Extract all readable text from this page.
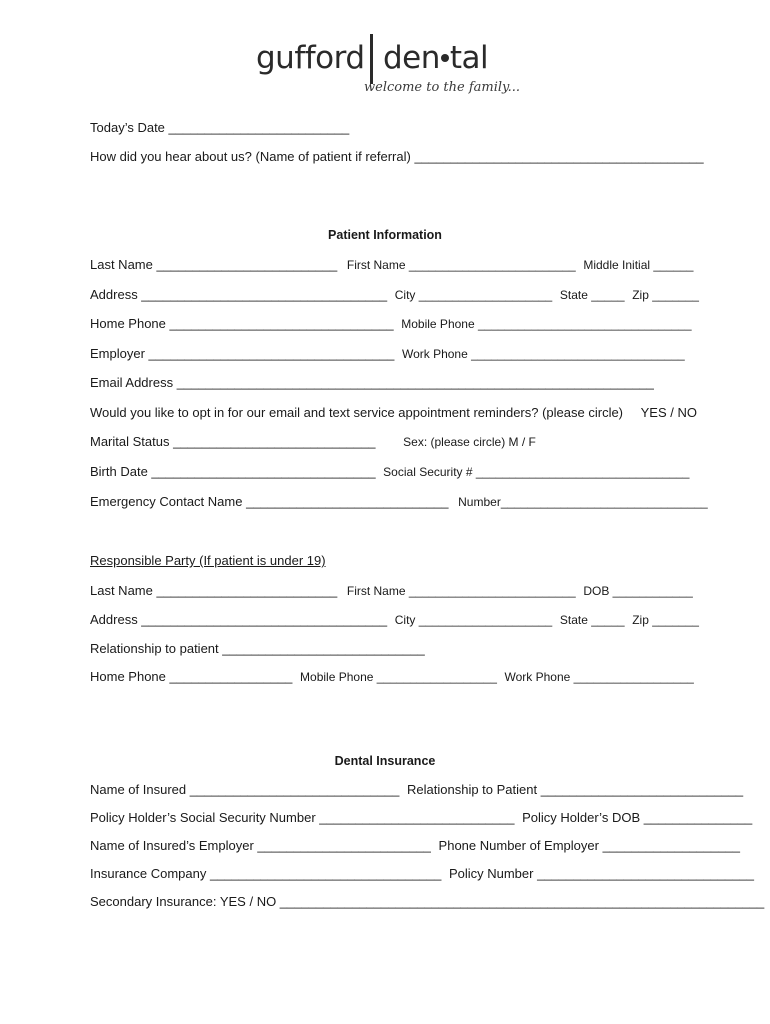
gufford den tal
welcome to the family...
Today’s Date _________________________
How did you hear about us? (Name of patient if referral) ________________________________________
Patient Information
Last Name _________________________ First Name _________________________ Middle Initial ______
Address __________________________________ City ____________________ State _____ Zip _______
Home Phone _______________________________ Mobile Phone ________________________________
Employer __________________________________ Work Phone ________________________________
Email Address __________________________________________________________________
Would you like to opt in for our email and text service appointment reminders? (please circle) YES / NO
Marital Status ____________________________ Sex: (please circle) M / F
Birth Date _______________________________ Social Security # ________________________________
Emergency Contact Name ____________________________ Number_______________________________
Responsible Party (If patient is under 19)
Last Name _________________________ First Name _________________________ DOB ____________
Address __________________________________ City ____________________ State _____ Zip _______
Relationship to patient ____________________________
Home Phone _________________ Mobile Phone __________________ Work Phone __________________
Dental Insurance
Name of Insured _____________________________ Relationship to Patient ____________________________
Policy Holder’s Social Security Number ___________________________ Policy Holder’s DOB _______________
Name of Insured’s Employer ________________________ Phone Number of Employer ___________________
Insurance Company ________________________________ Policy Number ______________________________
Secondary Insurance: YES / NO ___________________________________________________________________
